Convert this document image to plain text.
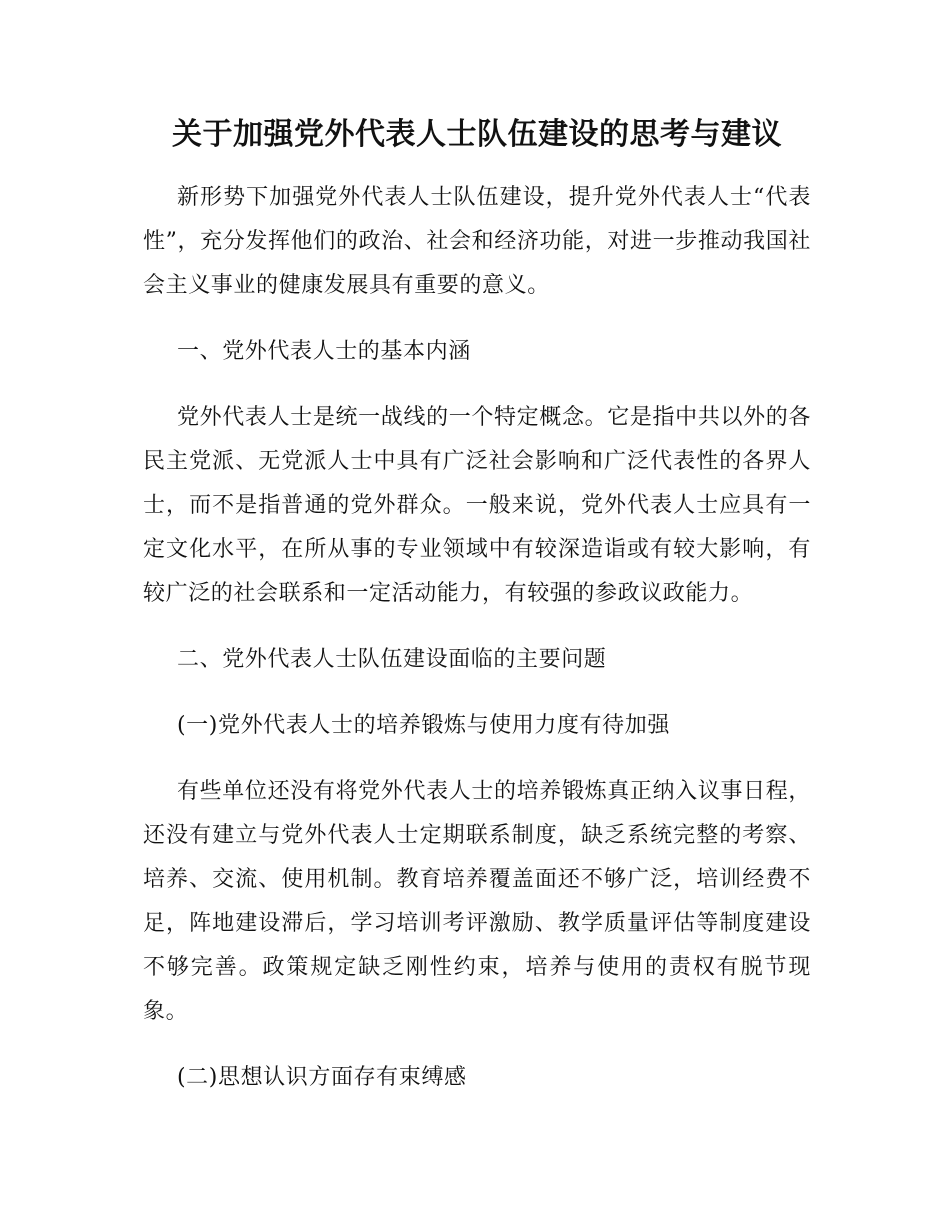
关于加强党外代表人士队伍建设的思考与建议

新形势下加强党外代表人士队伍建设，提升党外代表人士“代表性”，充分发挥他们的政治、社会和经济功能，对进一步推动我国社会主义事业的健康发展具有重要的意义。

一、党外代表人士的基本内涵

党外代表人士是统一战线的一个特定概念。它是指中共以外的各民主党派、无党派人士中具有广泛社会影响和广泛代表性的各界人士，而不是指普通的党外群众。一般来说，党外代表人士应具有一定文化水平，在所从事的专业领域中有较深造诣或有较大影响，有较广泛的社会联系和一定活动能力，有较强的参政议政能力。

二、党外代表人士队伍建设面临的主要问题

(一)党外代表人士的培养锻炼与使用力度有待加强

有些单位还没有将党外代表人士的培养锻炼真正纳入议事日程，还没有建立与党外代表人士定期联系制度，缺乏系统完整的考察、培养、交流、使用机制。教育培养覆盖面还不够广泛，培训经费不足，阵地建设滞后，学习培训考评激励、教学质量评估等制度建设不够完善。政策规定缺乏刚性约束，培养与使用的责权有脱节现象。

(二)思想认识方面存有束缚感
